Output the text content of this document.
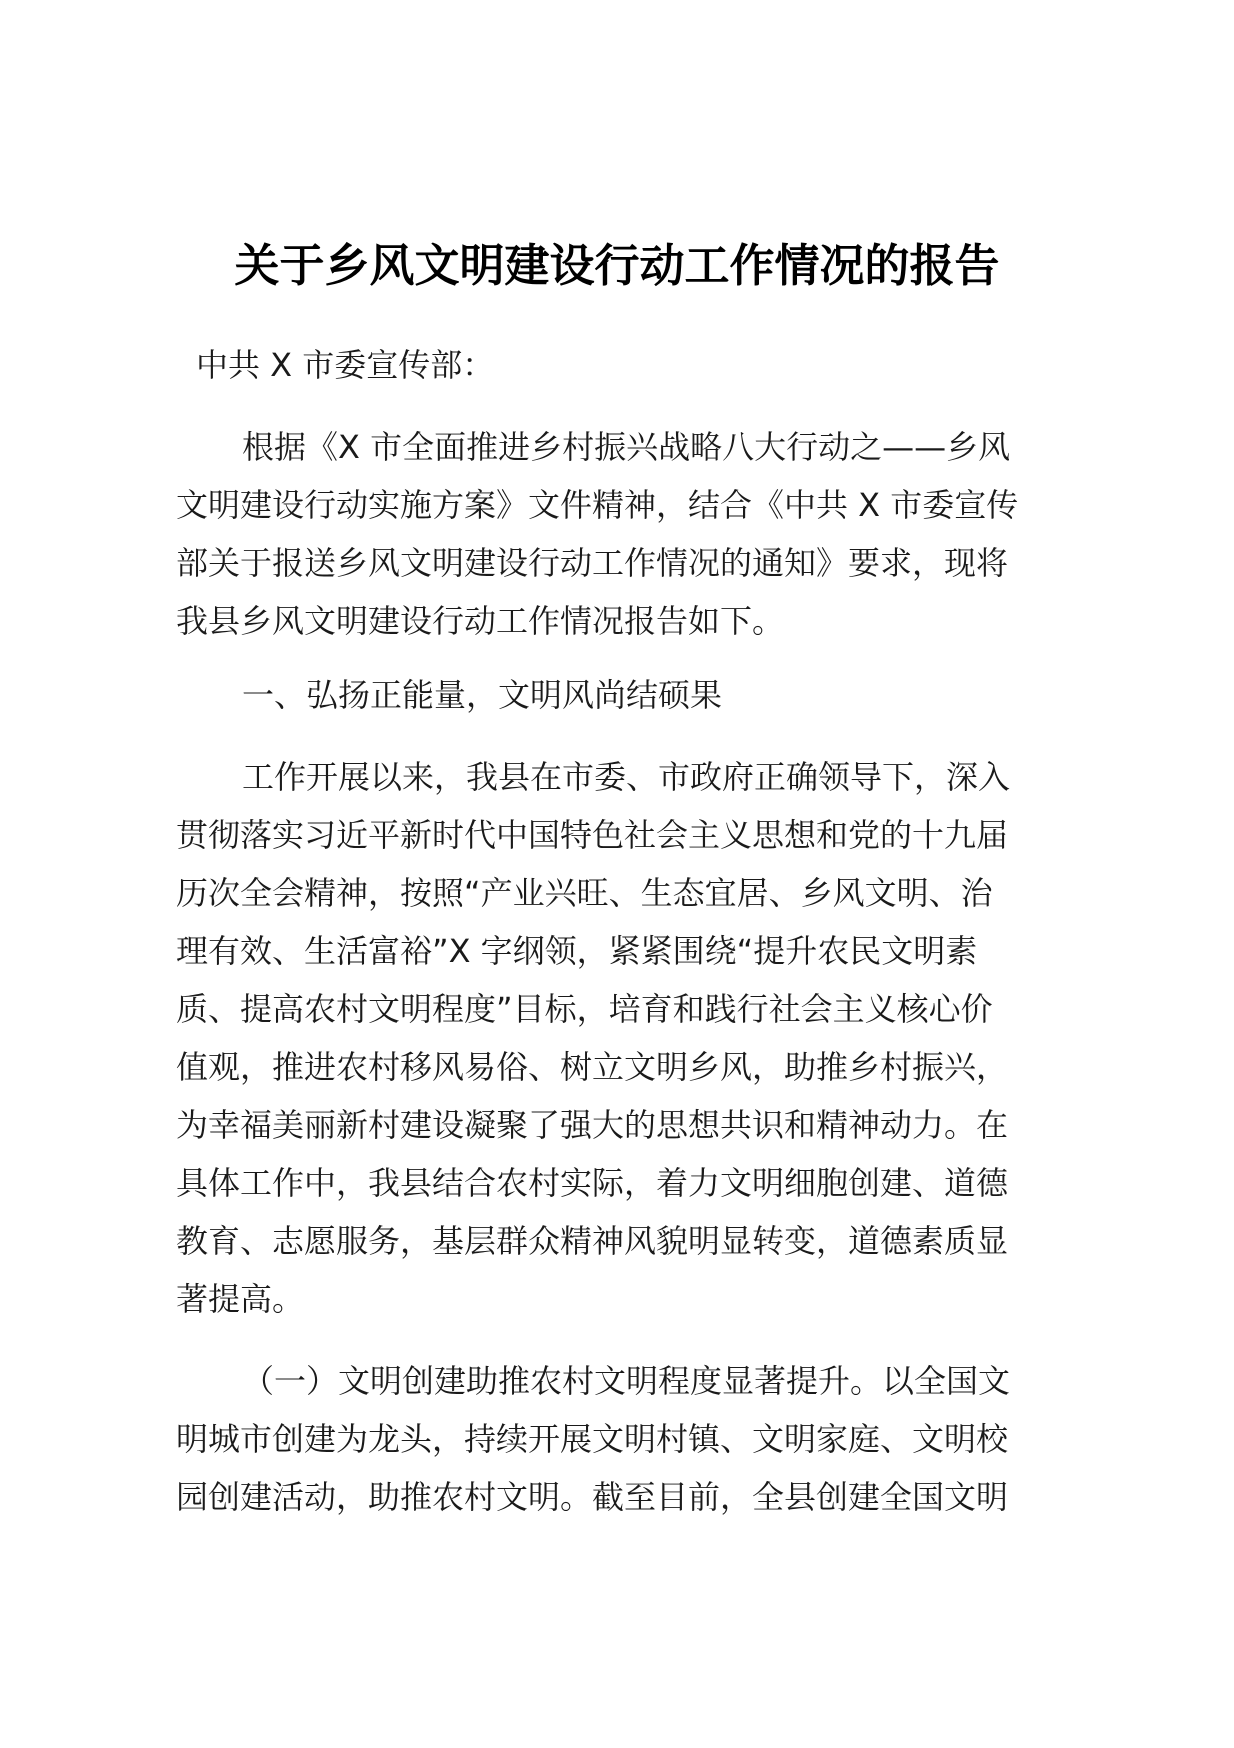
关于乡风文明建设行动工作情况的报告
中共 X 市委宣传部：
根据《X 市全面推进乡村振兴战略八大行动之——乡风
文明建设行动实施方案》文件精神，结合《中共 X 市委宣传
部关于报送乡风文明建设行动工作情况的通知》要求，现将
我县乡风文明建设行动工作情况报告如下。
一、弘扬正能量，文明风尚结硕果
工作开展以来，我县在市委、市政府正确领导下，深入
贯彻落实习近平新时代中国特色社会主义思想和党的十九届
历次全会精神，按照“产业兴旺、生态宜居、乡风文明、治
理有效、生活富裕”X 字纲领，紧紧围绕“提升农民文明素
质、提高农村文明程度”目标，培育和践行社会主义核心价
值观，推进农村移风易俗、树立文明乡风，助推乡村振兴，
为幸福美丽新村建设凝聚了强大的思想共识和精神动力。在
具体工作中，我县结合农村实际，着力文明细胞创建、道德
教育、志愿服务，基层群众精神风貌明显转变，道德素质显
著提高。
（一）文明创建助推农村文明程度显著提升。以全国文
明城市创建为龙头，持续开展文明村镇、文明家庭、文明校
园创建活动，助推农村文明。截至目前，全县创建全国文明
